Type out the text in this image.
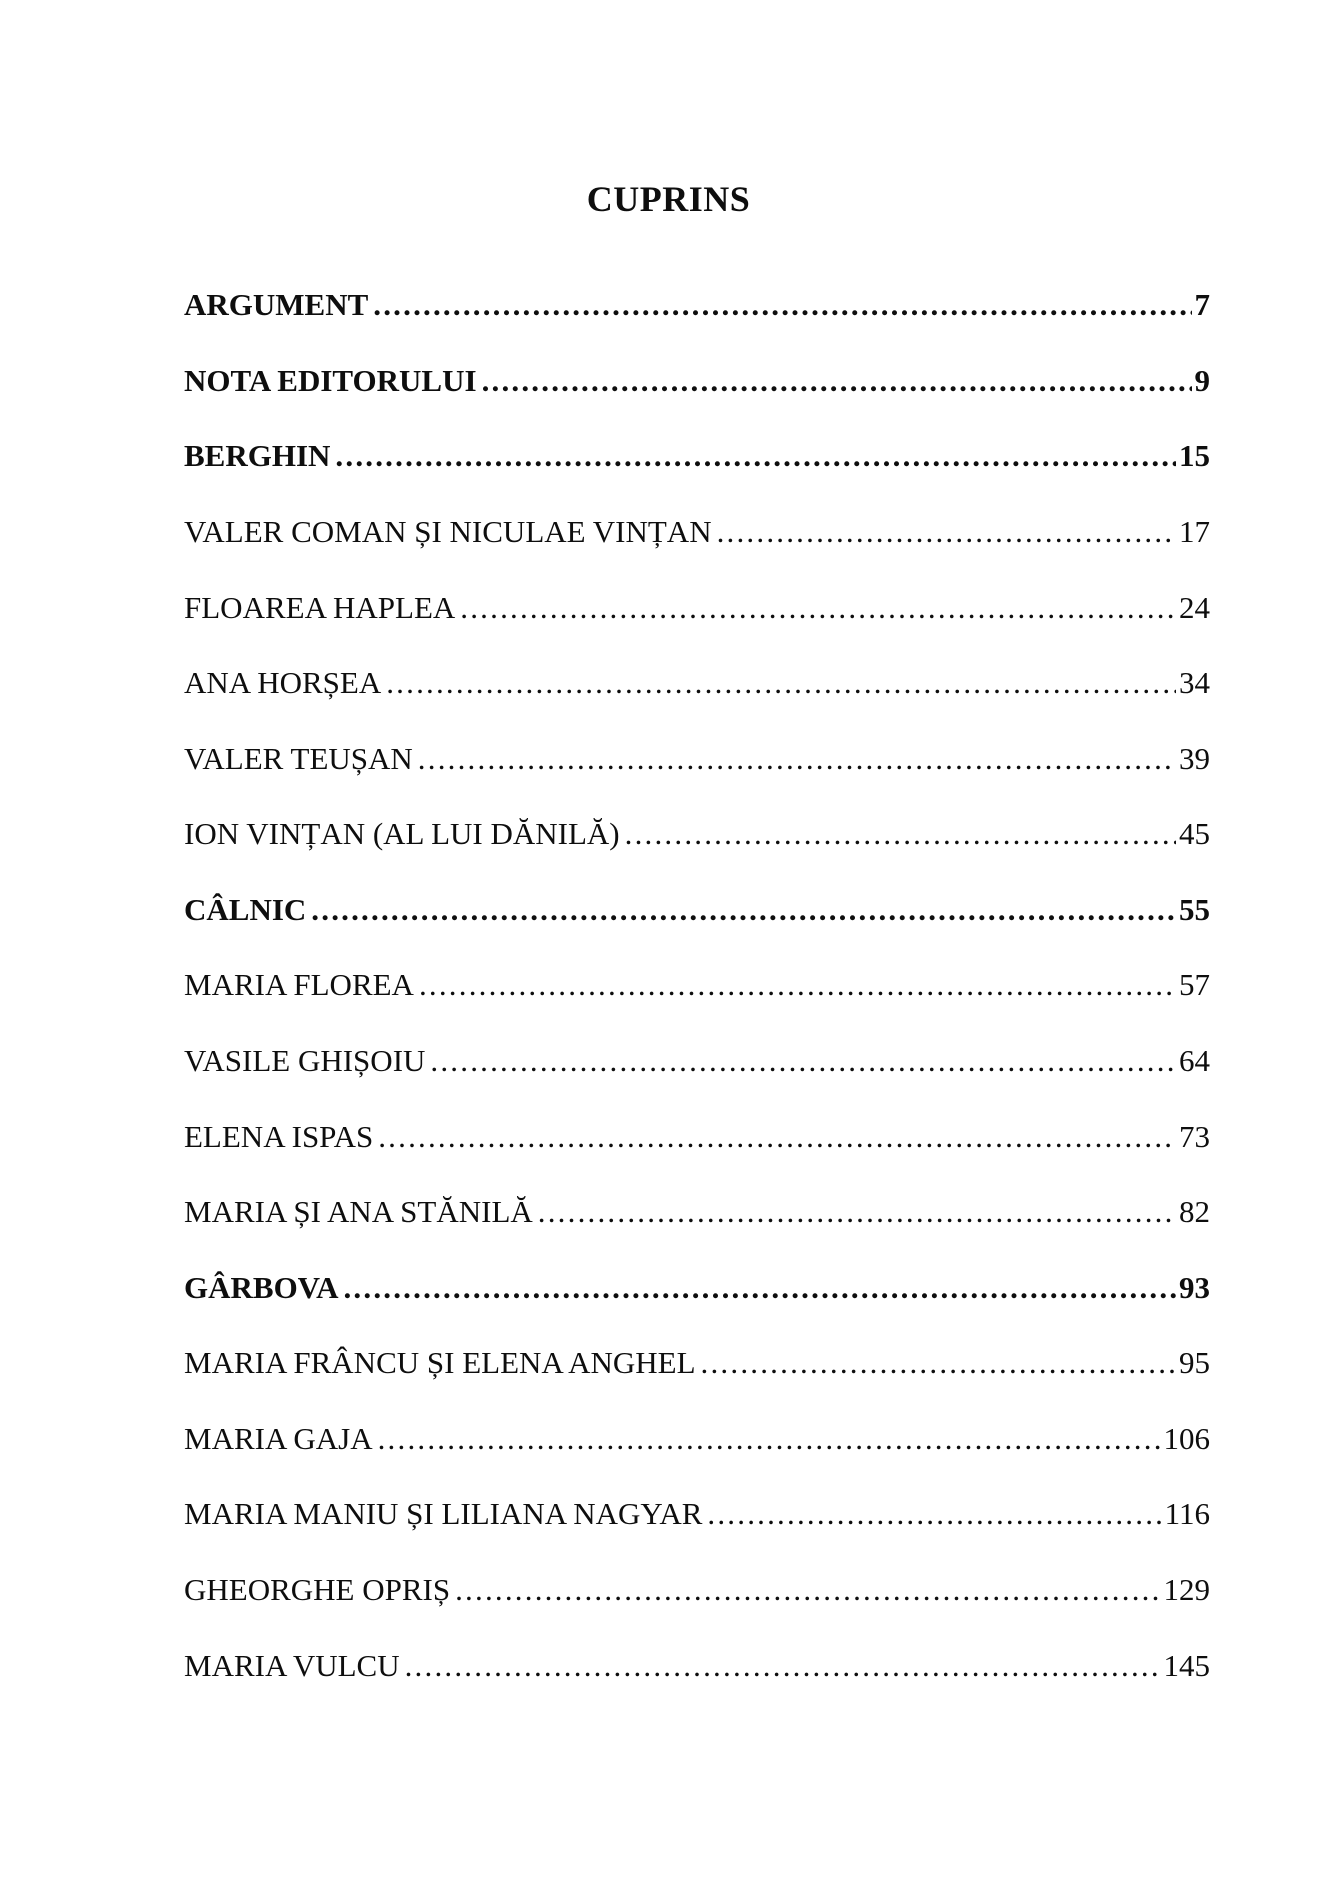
CUPRINS
ARGUMENT .....	7
NOTA EDITORULUI .....	9
BERGHIN .....	15
VALER COMAN ȘI NICULAE VINȚAN .....	17
FLOAREA HAPLEA .....	24
ANA HORȘEA .....	34
VALER TEUȘAN .....	39
ION VINȚAN (AL LUI DĂNILĂ) .....	45
CÂLNIC .....	55
MARIA FLOREA .....	57
VASILE GHIȘOIU .....	64
ELENA ISPAS .....	73
MARIA ȘI ANA STĂNILĂ .....	82
GÂRBOVA .....	93
MARIA FRÂNCU ȘI ELENA ANGHEL .....	95
MARIA GAJA .....	106
MARIA MANIU ȘI LILIANA NAGYAR .....	116
GHEORGHE OPRIȘ .....	129
MARIA VULCU .....	145
